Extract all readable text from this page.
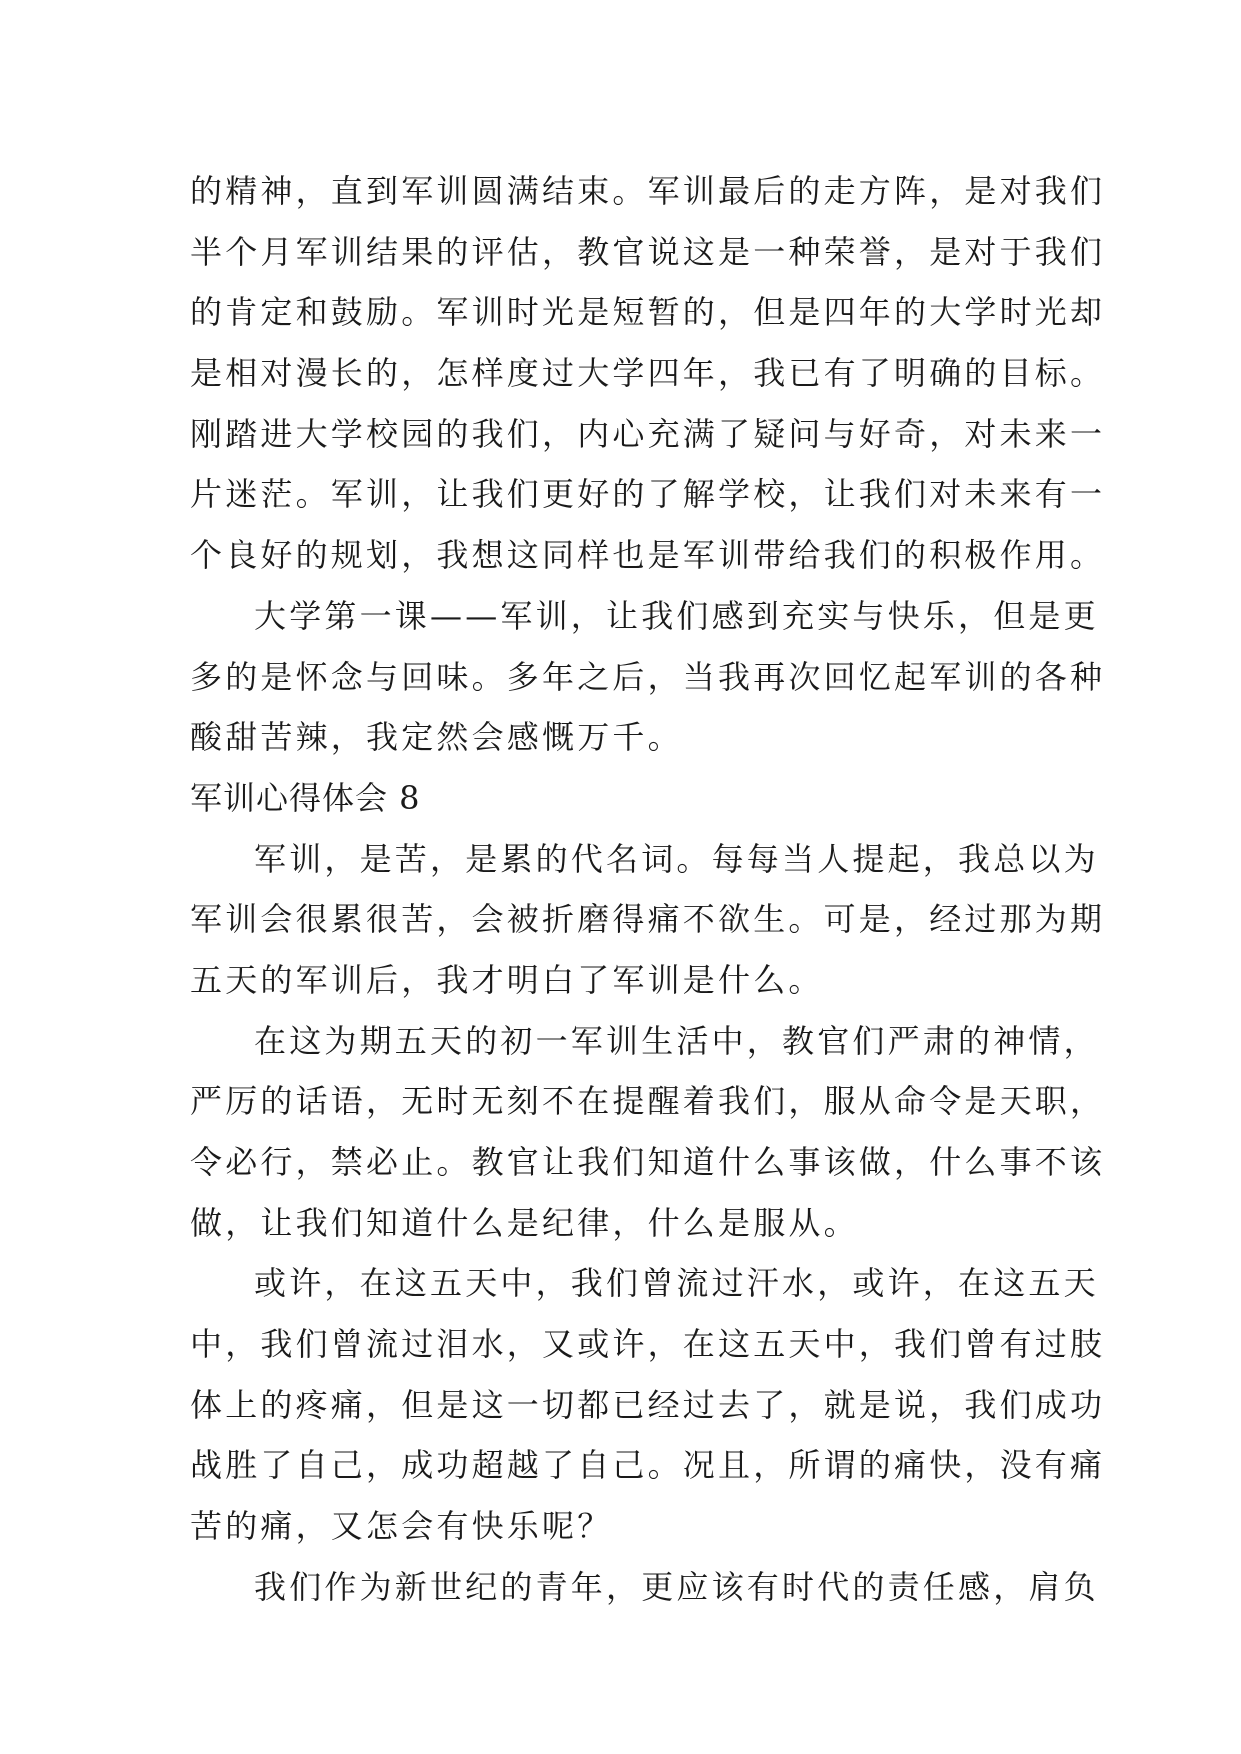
的精神，直到军训圆满结束。军训最后的走方阵，是对我们
半个月军训结果的评估，教官说这是一种荣誉，是对于我们
的肯定和鼓励。军训时光是短暂的，但是四年的大学时光却
是相对漫长的，怎样度过大学四年，我已有了明确的目标。
刚踏进大学校园的我们，内心充满了疑问与好奇，对未来一
片迷茫。军训，让我们更好的了解学校，让我们对未来有一
个良好的规划，我想这同样也是军训带给我们的积极作用。
大学第一课——军训，让我们感到充实与快乐，但是更
多的是怀念与回味。多年之后，当我再次回忆起军训的各种
酸甜苦辣，我定然会感慨万千。
军训心得体会 8
军训，是苦，是累的代名词。每每当人提起，我总以为
军训会很累很苦，会被折磨得痛不欲生。可是，经过那为期
五天的军训后，我才明白了军训是什么。
在这为期五天的初一军训生活中，教官们严肃的神情，
严厉的话语，无时无刻不在提醒着我们，服从命令是天职，
令必行，禁必止。教官让我们知道什么事该做，什么事不该
做，让我们知道什么是纪律，什么是服从。
或许，在这五天中，我们曾流过汗水，或许，在这五天
中，我们曾流过泪水，又或许，在这五天中，我们曾有过肢
体上的疼痛，但是这一切都已经过去了，就是说，我们成功
战胜了自己，成功超越了自己。况且，所谓的痛快，没有痛
苦的痛，又怎会有快乐呢？
我们作为新世纪的青年，更应该有时代的责任感，肩负
